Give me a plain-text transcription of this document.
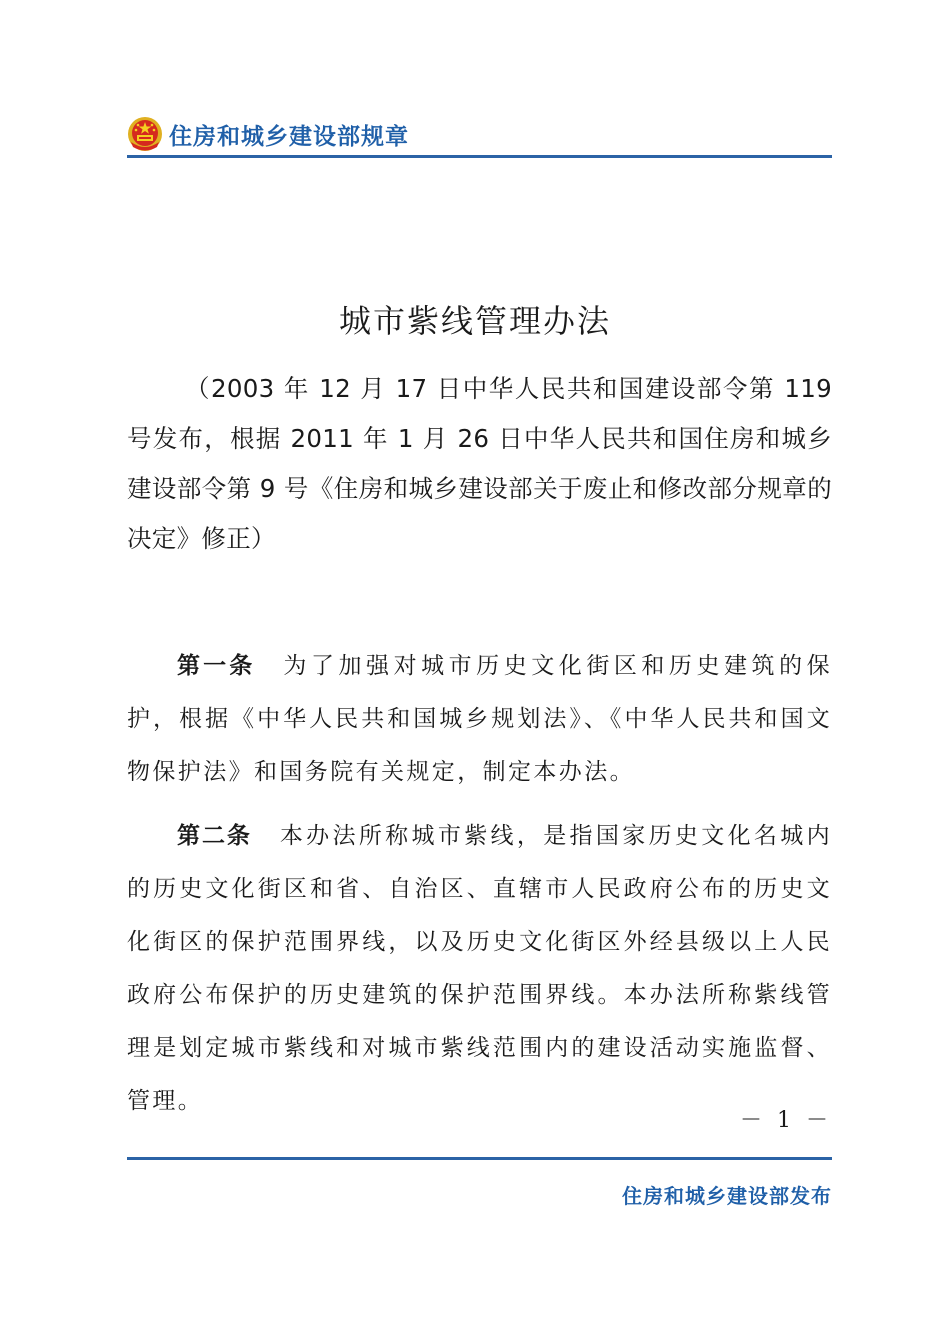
住房和城乡建设部规章
城市紫线管理办法
（2003 年 12 月 17 日中华人民共和国建设部令第 119 号发布，根据 2011 年 1 月 26 日中华人民共和国住房和城乡建设部令第 9 号《住房和城乡建设部关于废止和修改部分规章的决定》修正）
第一条 为了加强对城市历史文化街区和历史建筑的保护，根据《中华人民共和国城乡规划法》、《中华人民共和国文物保护法》和国务院有关规定，制定本办法。
第二条 本办法所称城市紫线，是指国家历史文化名城内的历史文化街区和省、自治区、直辖市人民政府公布的历史文化街区的保护范围界线，以及历史文化街区外经县级以上人民政府公布保护的历史建筑的保护范围界线。本办法所称紫线管理是划定城市紫线和对城市紫线范围内的建设活动实施监督、管理。
－ 1 －
住房和城乡建设部发布
